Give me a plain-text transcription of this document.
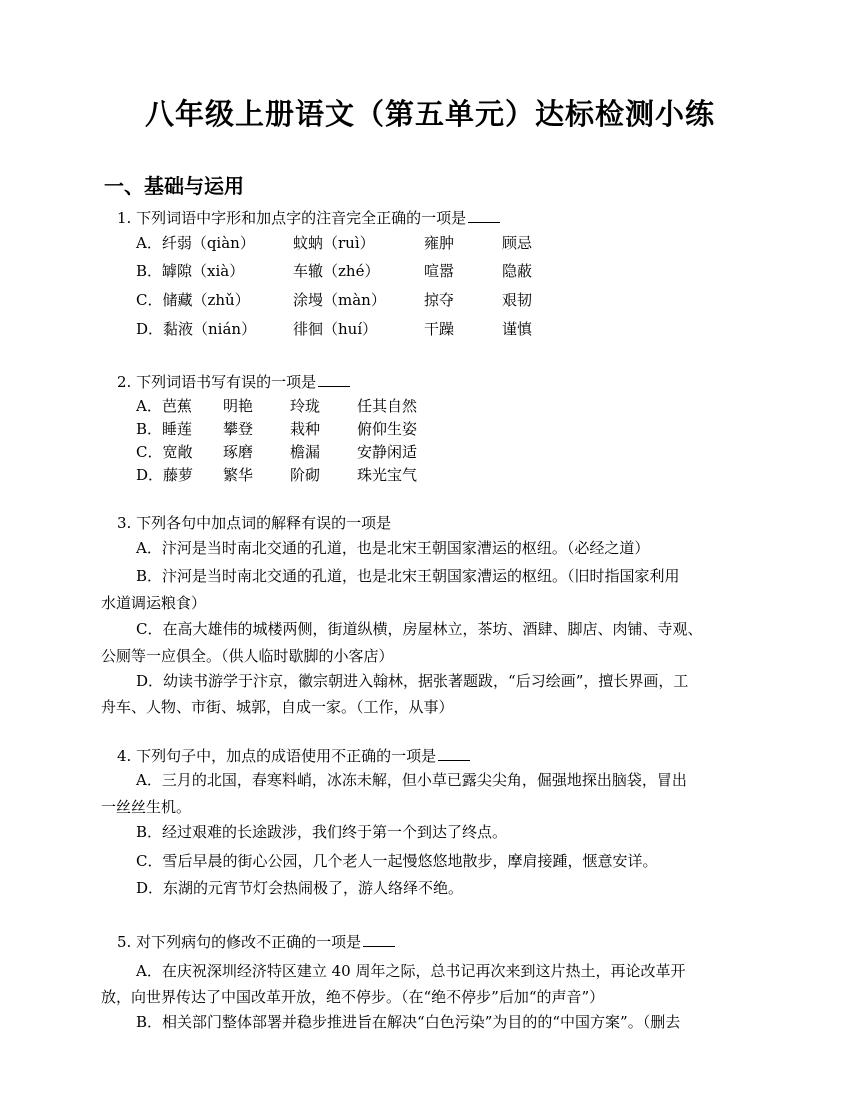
八年级上册语文（第五单元）达标检测小练
一、基础与运用
1. 下列词语中字形和加点字的注音完全正确的一项是
A．纤弱（qiàn）	蚊蚋（ruì）	雍肿	顾忌
B．罅隙（xià）	车辙（zhé）	喧嚣	隐蔽
C．储藏（zhǔ）	涂墁（màn）	掠夺	艰韧
D．黏液（nián） 徘徊（huí）	干躁	谨慎
2. 下列词语书写有误的一项是
A．芭蕉 明艳 玲珑 任其自然
B．睡莲 攀登 栽种 俯仰生姿
C．宽敞 琢磨 檐漏 安静闲适
D．藤萝 繁华 阶砌 珠光宝气
3. 下列各句中加点词的解释有误的一项是
A．汴河是当时南北交通的孔道，也是北宋王朝国家漕运的枢纽。（必经之道）
B．汴河是当时南北交通的孔道，也是北宋王朝国家漕运的枢纽。（旧时指国家利用
水道调运粮食）
C．在高大雄伟的城楼两侧，街道纵横，房屋林立，茶坊、酒肆、脚店、肉铺、寺观、
公厕等一应俱全。（供人临时歇脚的小客店）
D．幼读书游学于汴京，徽宗朝进入翰林，据张著题跋，“后习绘画”，擅长界画，工
舟车、人物、市街、城郭，自成一家。（工作，从事）
4. 下列句子中，加点的成语使用不正确的一项是
A．三月的北国，春寒料峭，冰冻未解，但小草已露尖尖角，倔强地探出脑袋，冒出
一丝丝生机。
B．经过艰难的长途跋涉，我们终于第一个到达了终点。
C．雪后早晨的街心公园，几个老人一起慢悠悠地散步，摩肩接踵，惬意安详。
D．东湖的元宵节灯会热闹极了，游人络绎不绝。
5. 对下列病句的修改不正确的一项是
A．在庆祝深圳经济特区建立 40 周年之际，总书记再次来到这片热土，再论改革开
放，向世界传达了中国改革开放，绝不停步。（在“绝不停步”后加“的声音”）
B．相关部门整体部署并稳步推进旨在解决“白色污染”为目的的“中国方案”。（删去
